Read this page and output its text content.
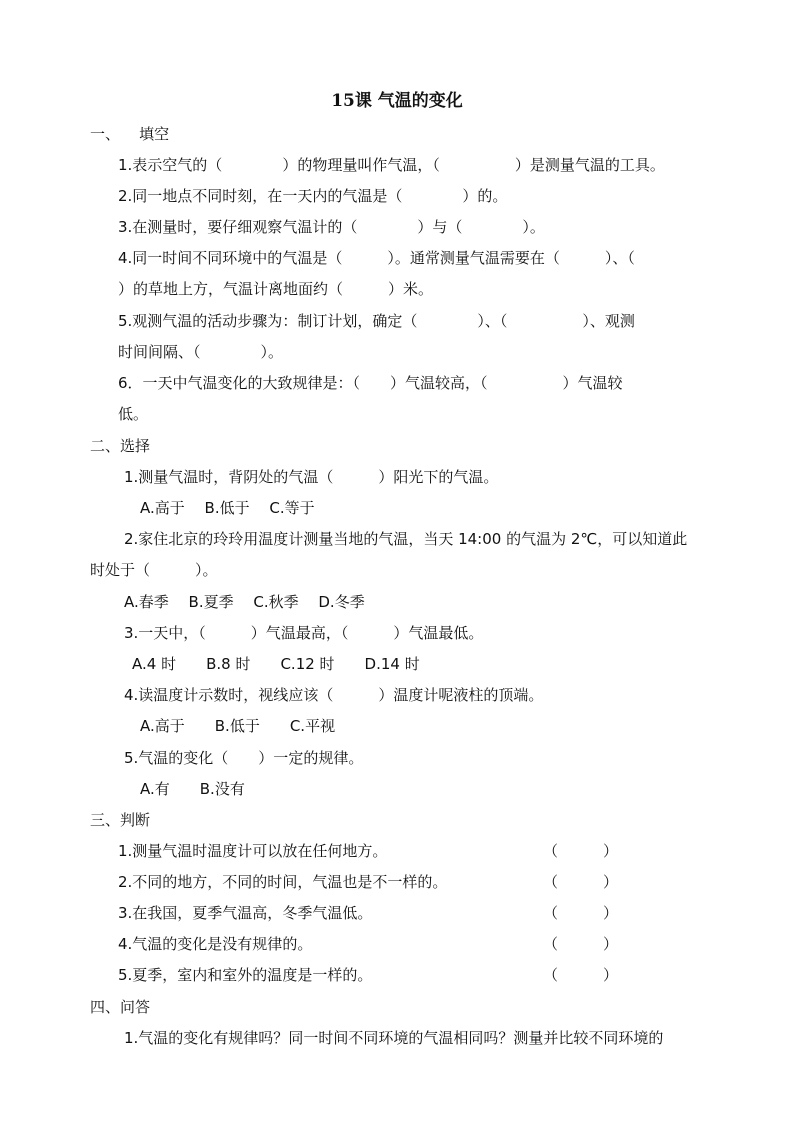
15课 气温的变化
一、    填空
1.表示空气的（　　　　）的物理量叫作气温，（　　　　　）是测量气温的工具。
2.同一地点不同时刻，在一天内的气温是（　　　　）的。
3.在测量时，要仔细观察气温计的（　　　　）与（　　　　）。
4.同一时间不同环境中的气温是（　　　）。通常测量气温需要在（　　　）、（
）的草地上方，气温计离地面约（　　　）米。
5.观测气温的活动步骤为：制订计划，确定（　　　　）、（　　　　　）、观测
时间间隔、（　　　　）。
6．一天中气温变化的大致规律是：（　　）气温较高，（　　　　　）气温较
低。
二、选择
1.测量气温时，背阴处的气温（　　　）阳光下的气温。
A.高于　 B.低于　 C.等于
2.家住北京的玲玲用温度计测量当地的气温，当天 14:00 的气温为 2℃，可以知道此
时处于（　　　）。
A.春季　 B.夏季　 C.秋季　 D.冬季
3.一天中，（　　　）气温最高，（　　　）气温最低。
A.4 时　　B.8 时　　C.12 时　　D.14 时
4.读温度计示数时，视线应该（　　　）温度计呢液柱的顶端。
A.高于　　B.低于　　C.平视
5.气温的变化（　　）一定的规律。
A.有　　B.没有
三、判断
1.测量气温时温度计可以放在任何地方。	（　　　）
2.不同的地方，不同的时间，气温也是不一样的。	（　　　）
3.在我国，夏季气温高，冬季气温低。	（　　　）
4.气温的变化是没有规律的。	（　　　）
5.夏季，室内和室外的温度是一样的。	（　　　）
四、问答
1.气温的变化有规律吗？同一时间不同环境的气温相同吗？测量并比较不同环境的
